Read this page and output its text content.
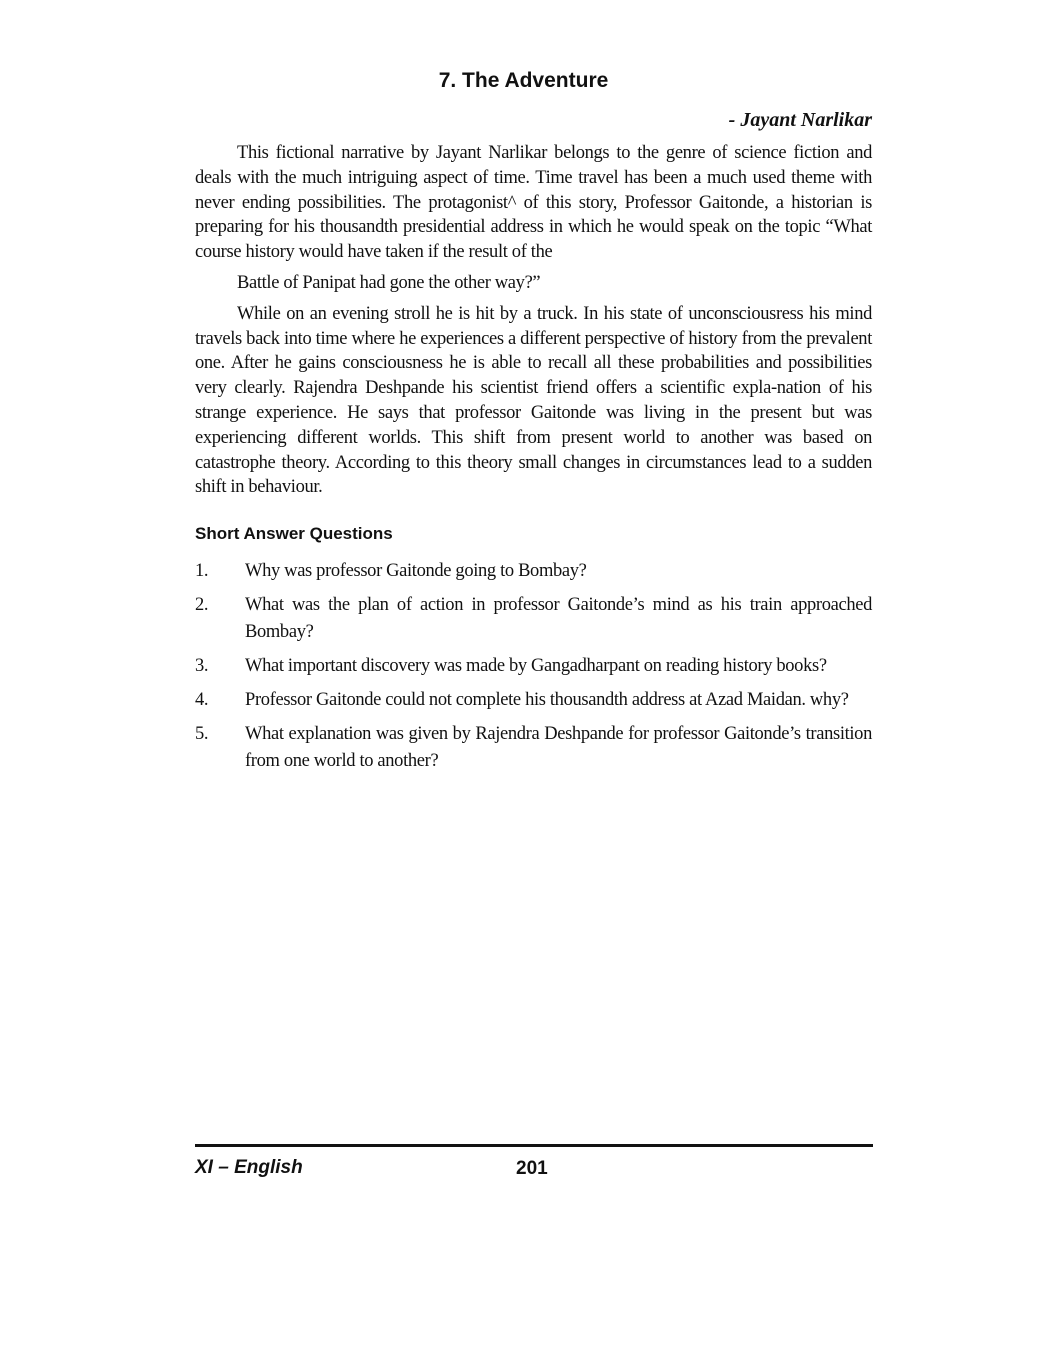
7. The Adventure
- Jayant Narlikar

This fictional narrative by Jayant Narlikar belongs to the genre of science fiction and deals with the much intriguing aspect of time. Time travel has been a much used theme with never ending possibilities. The protagonist^ of this story, Professor Gaitonde, a historian is preparing for his thousandth presidential address in which he would speak on the topic “What course history would have taken if the result of the

Battle of Panipat had gone the other way?”

While on an evening stroll he is hit by a truck. In his state of unconsciousress his mind travels back into time where he experiences a different perspective of history from the prevalent one. After he gains consciousness he is able to recall all these probabilities and possibilities very clearly. Rajendra Deshpande his scientist friend offers a scientific expla-nation of his strange experience. He says that professor Gaitonde was living in the present but was experiencing different worlds. This shift from present world to another was based on catastrophe theory. According to this theory small changes in circumstances lead to a sudden shift in behaviour.

Short Answer Questions
1.	Why was professor Gaitonde going to Bombay?
2.	What was the plan of action in professor Gaitonde’s mind as his train approached Bombay?
3.	What important discovery was made by Gangadharpant on reading history books?
4.	Professor Gaitonde could not complete his thousandth address at Azad Maidan. why?
5.	What explanation was given by Rajendra Deshpande for professor Gaitonde’s transition from one world to another?
XI – English	201
